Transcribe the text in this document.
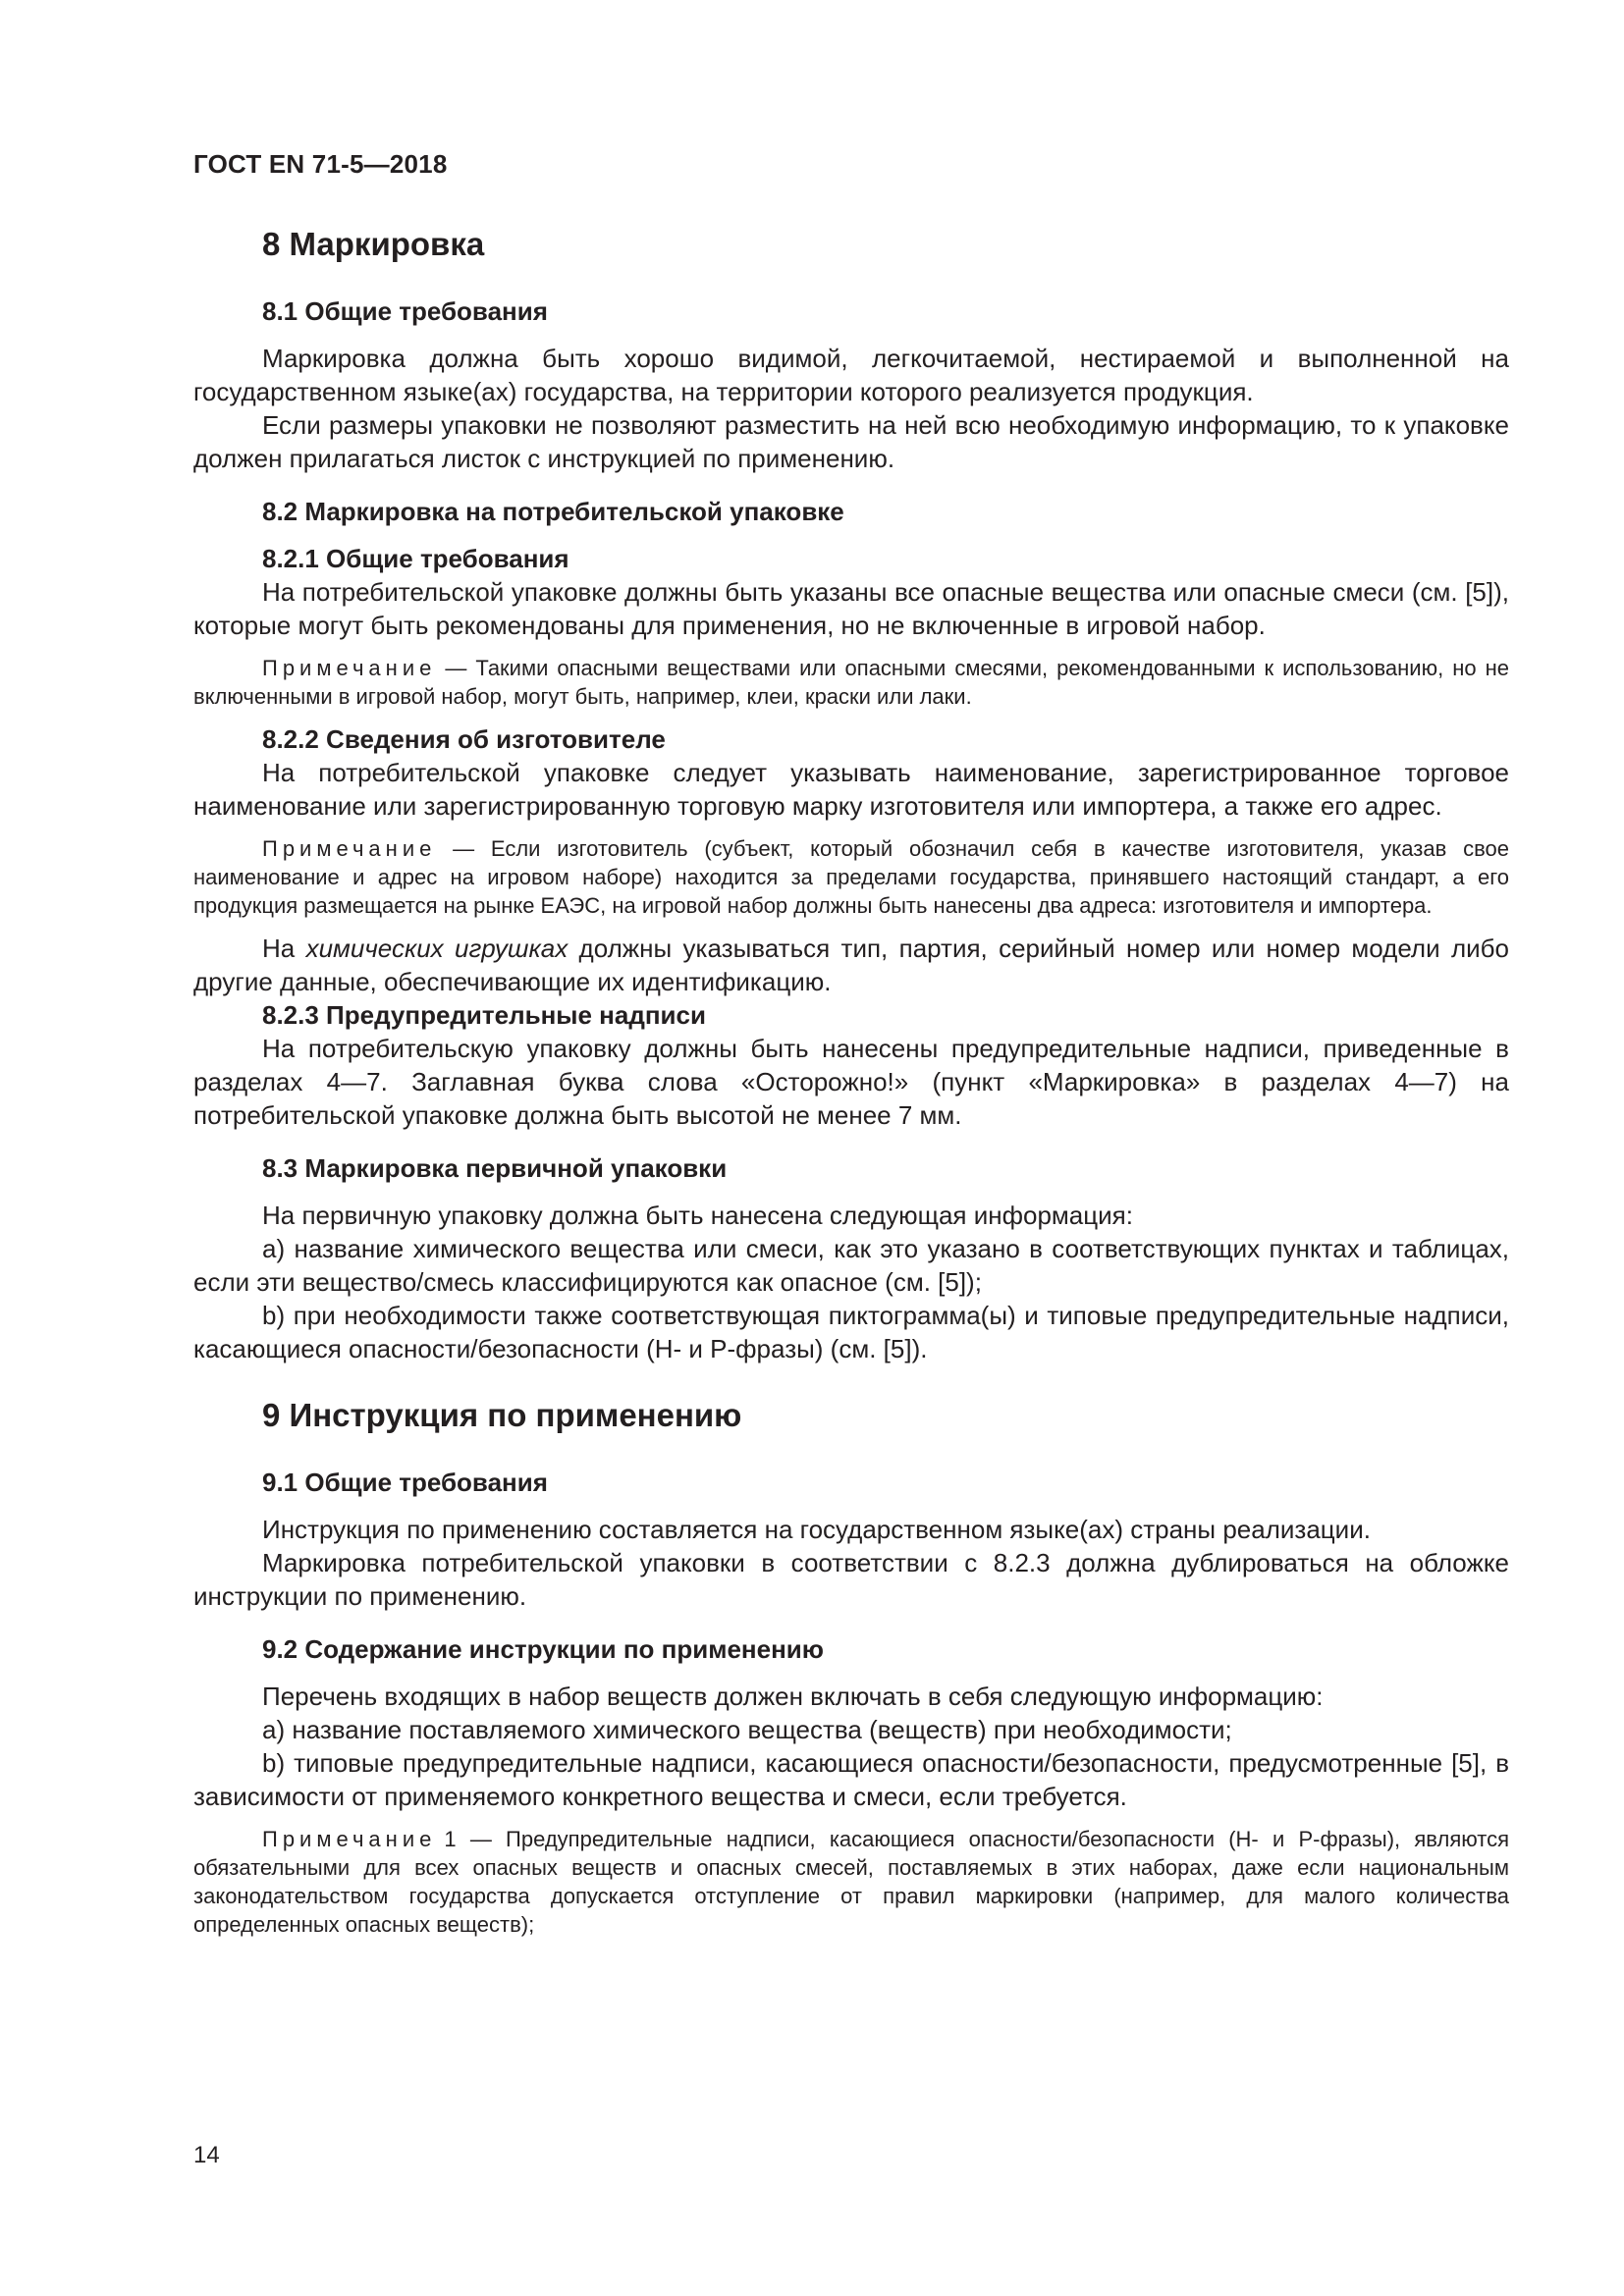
ГОСТ EN 71-5—2018
8 Маркировка
8.1 Общие требования

Маркировка должна быть хорошо видимой, легкочитаемой, нестираемой и выполненной на государственном языке(ах) государства, на территории которого реализуется продукция.

Если размеры упаковки не позволяют разместить на ней всю необходимую информацию, то к упаковке должен прилагаться листок с инструкцией по применению.

8.2 Маркировка на потребительской упаковке
8.2.1 Общие требования

На потребительской упаковке должны быть указаны все опасные вещества или опасные смеси (см. [5]), которые могут быть рекомендованы для применения, но не включенные в игровой набор.

Примечание — Такими опасными веществами или опасными смесями, рекомендованными к использованию, но не включенными в игровой набор, могут быть, например, клеи, краски или лаки.

8.2.2 Сведения об изготовителе

На потребительской упаковке следует указывать наименование, зарегистрированное торговое наименование или зарегистрированную торговую марку изготовителя или импортера, а также его адрес.

Примечание — Если изготовитель (субъект, который обозначил себя в качестве изготовителя, указав свое наименование и адрес на игровом наборе) находится за пределами государства, принявшего настоящий стандарт, а его продукция размещается на рынке ЕАЭС, на игровой набор должны быть нанесены два адреса: изготовителя и импортера.

На химических игрушках должны указываться тип, партия, серийный номер или номер модели либо другие данные, обеспечивающие их идентификацию.

8.2.3 Предупредительные надписи

На потребительскую упаковку должны быть нанесены предупредительные надписи, приведенные в разделах 4—7. Заглавная буква слова «Осторожно!» (пункт «Маркировка» в разделах 4—7) на потребительской упаковке должна быть высотой не менее 7 мм.

8.3 Маркировка первичной упаковки

На первичную упаковку должна быть нанесена следующая информация:

a) название химического вещества или смеси, как это указано в соответствующих пунктах и таблицах, если эти вещество/смесь классифицируются как опасное (см. [5]);

b) при необходимости также соответствующая пиктограмма(ы) и типовые предупредительные надписи, касающиеся опасности/безопасности (Н- и Р-фразы) (см. [5]).

9 Инструкция по применению
9.1 Общие требования

Инструкция по применению составляется на государственном языке(ах) страны реализации.

Маркировка потребительской упаковки в соответствии с 8.2.3 должна дублироваться на обложке инструкции по применению.

9.2 Содержание инструкции по применению

Перечень входящих в набор веществ должен включать в себя следующую информацию:

a) название поставляемого химического вещества (веществ) при необходимости;

b) типовые предупредительные надписи, касающиеся опасности/безопасности, предусмотренные [5], в зависимости от применяемого конкретного вещества и смеси, если требуется.

Примечание 1 — Предупредительные надписи, касающиеся опасности/безопасности (Н- и Р-фразы), являются обязательными для всех опасных веществ и опасных смесей, поставляемых в этих наборах, даже если национальным законодательством государства допускается отступление от правил маркировки (например, для малого количества определенных опасных веществ);

14
